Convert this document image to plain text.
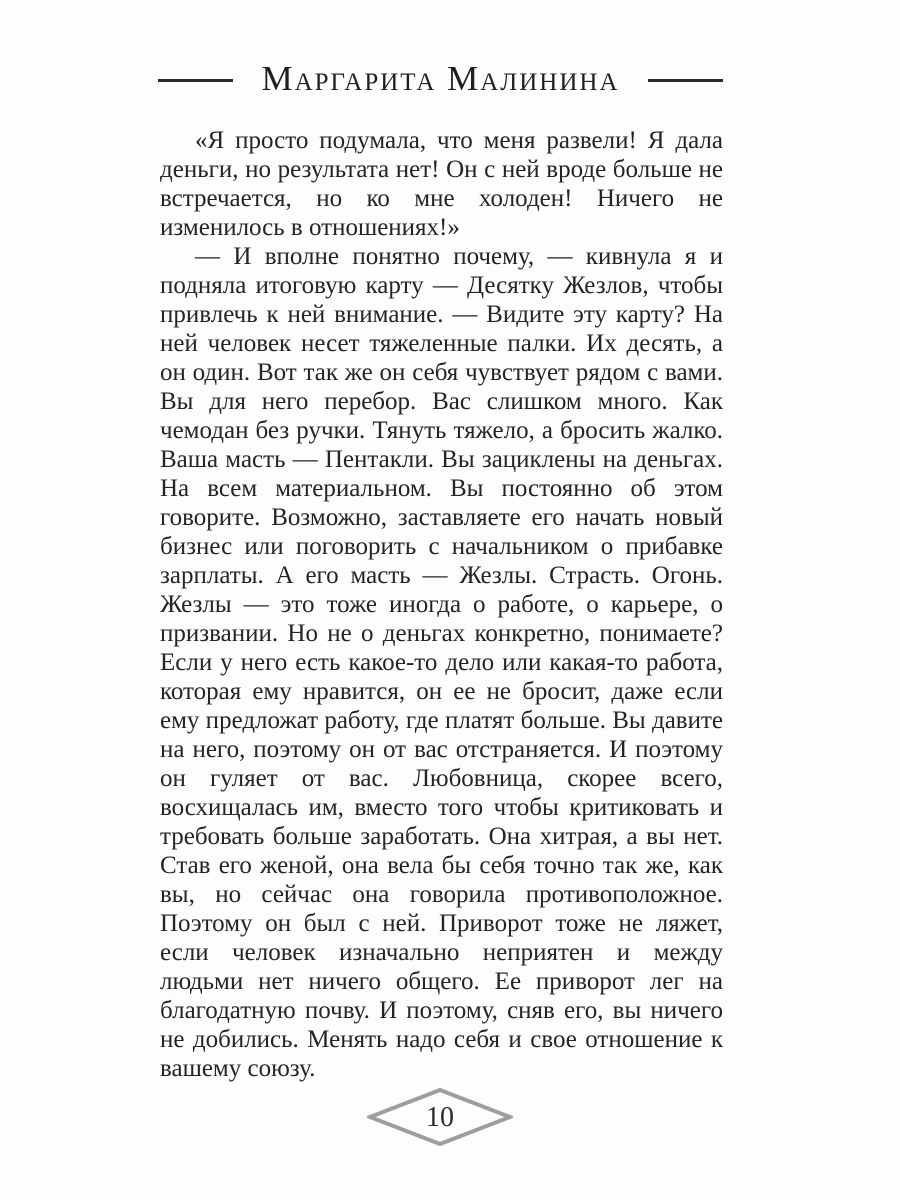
Маргарита Малинина

«Я просто подумала, что меня развели! Я дала деньги, но результата нет! Он с ней вроде больше не встречается, но ко мне холоден! Ничего не изменилось в отношениях!»

— И вполне понятно почему, — кивнула я и подняла итоговую карту — Десятку Жезлов, чтобы привлечь к ней внимание. — Видите эту карту? На ней человек несет тяжеленные палки. Их десять, а он один. Вот так же он себя чувствует рядом с вами. Вы для него перебор. Вас слишком много. Как чемодан без ручки. Тянуть тяжело, а бросить жалко. Ваша масть — Пентакли. Вы зациклены на деньгах. На всем материальном. Вы постоянно об этом говорите. Возможно, заставляете его начать новый бизнес или поговорить с начальником о прибавке зарплаты. А его масть — Жезлы. Страсть. Огонь. Жезлы — это тоже иногда о работе, о карьере, о призвании. Но не о деньгах конкретно, понимаете? Если у него есть какое-то дело или какая-то работа, которая ему нравится, он ее не бросит, даже если ему предложат работу, где платят больше. Вы давите на него, поэтому он от вас отстраняется. И поэтому он гуляет от вас. Любовница, скорее всего, восхищалась им, вместо того чтобы критиковать и требовать больше заработать. Она хитрая, а вы нет. Став его женой, она вела бы себя точно так же, как вы, но сейчас она говорила противоположное. Поэтому он был с ней. Приворот тоже не ляжет, если человек изначально неприятен и между людьми нет ничего общего. Ее приворот лег на благодатную почву. И поэтому, сняв его, вы ничего не добились. Менять надо себя и свое отношение к вашему союзу.

10
